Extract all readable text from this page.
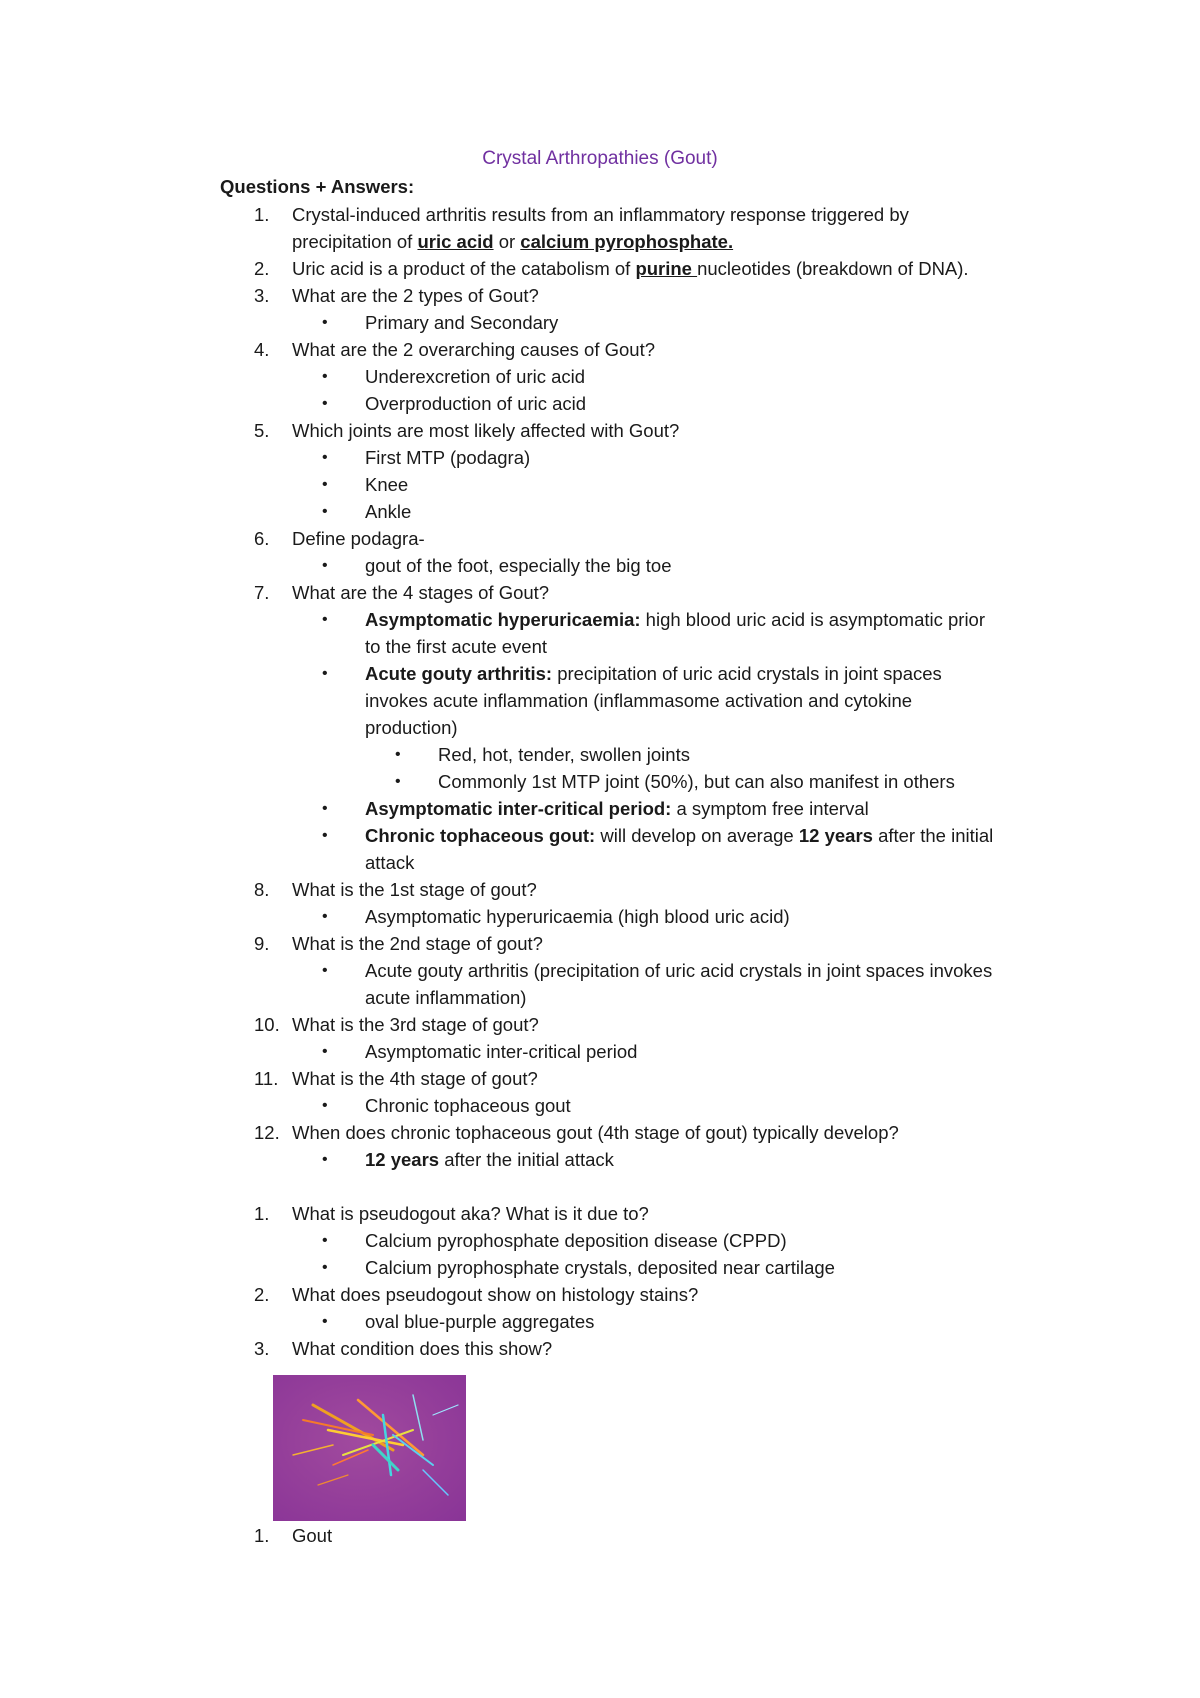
Crystal Arthropathies (Gout)
Questions + Answers:
1.	Crystal-induced arthritis results from an inflammatory response triggered by
precipitation of uric acid or calcium pyrophosphate.
2.	Uric acid is a product of the catabolism of purine nucleotides (breakdown of DNA).
3.	What are the 2 types of Gout?
• Primary and Secondary
4.	What are the 2 overarching causes of Gout?
• Underexcretion of uric acid
• Overproduction of uric acid
5.	Which joints are most likely affected with Gout?
• First MTP (podagra)
• Knee
• Ankle
6.	Define podagra-
• gout of the foot, especially the big toe
7.	What are the 4 stages of Gout?
• Asymptomatic hyperuricaemia: high blood uric acid is asymptomatic prior
to the first acute event
• Acute gouty arthritis: precipitation of uric acid crystals in joint spaces
invokes acute inflammation (inflammasome activation and cytokine
production)
• Red, hot, tender, swollen joints
• Commonly 1st MTP joint (50%), but can also manifest in others
• Asymptomatic inter-critical period: a symptom free interval
• Chronic tophaceous gout: will develop on average 12 years after the initial
attack
8.	What is the 1st stage of gout?
• Asymptomatic hyperuricaemia (high blood uric acid)
9.	What is the 2nd stage of gout?
• Acute gouty arthritis (precipitation of uric acid crystals in joint spaces invokes
acute inflammation)
10. What is the 3rd stage of gout?
• Asymptomatic inter-critical period
11. What is the 4th stage of gout?
• Chronic tophaceous gout
12. When does chronic tophaceous gout (4th stage of gout) typically develop?
• 12 years after the initial attack
1.	What is pseudogout aka? What is it due to?
• Calcium pyrophosphate deposition disease (CPPD)
• Calcium pyrophosphate crystals, deposited near cartilage
2.	What does pseudogout show on histology stains?
• oval blue-purple aggregates
3.	What condition does this show?
1.	Gout
